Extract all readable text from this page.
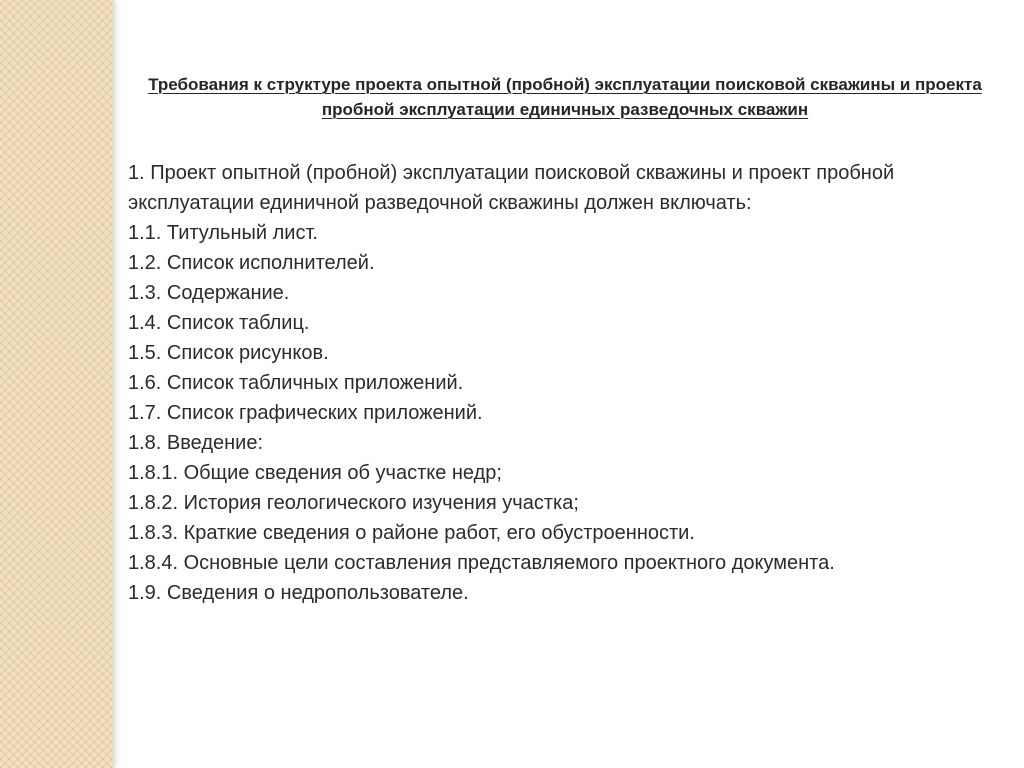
Требования к структуре проекта опытной (пробной) эксплуатации поисковой скважины и проекта пробной эксплуатации единичных разведочных скважин

1. Проект опытной (пробной) эксплуатации поисковой скважины и проект пробной эксплуатации единичной разведочной скважины должен включать:

1.1. Титульный лист.
1.2. Список исполнителей.
1.3. Содержание.
1.4. Список таблиц.
1.5. Список рисунков.
1.6. Список табличных приложений.
1.7. Список графических приложений.
1.8. Введение:
1.8.1. Общие сведения об участке недр;
1.8.2. История геологического изучения участка;
1.8.3. Краткие сведения о районе работ, его обустроенности.
1.8.4. Основные цели составления представляемого проектного документа.
1.9. Сведения о недропользователе.
